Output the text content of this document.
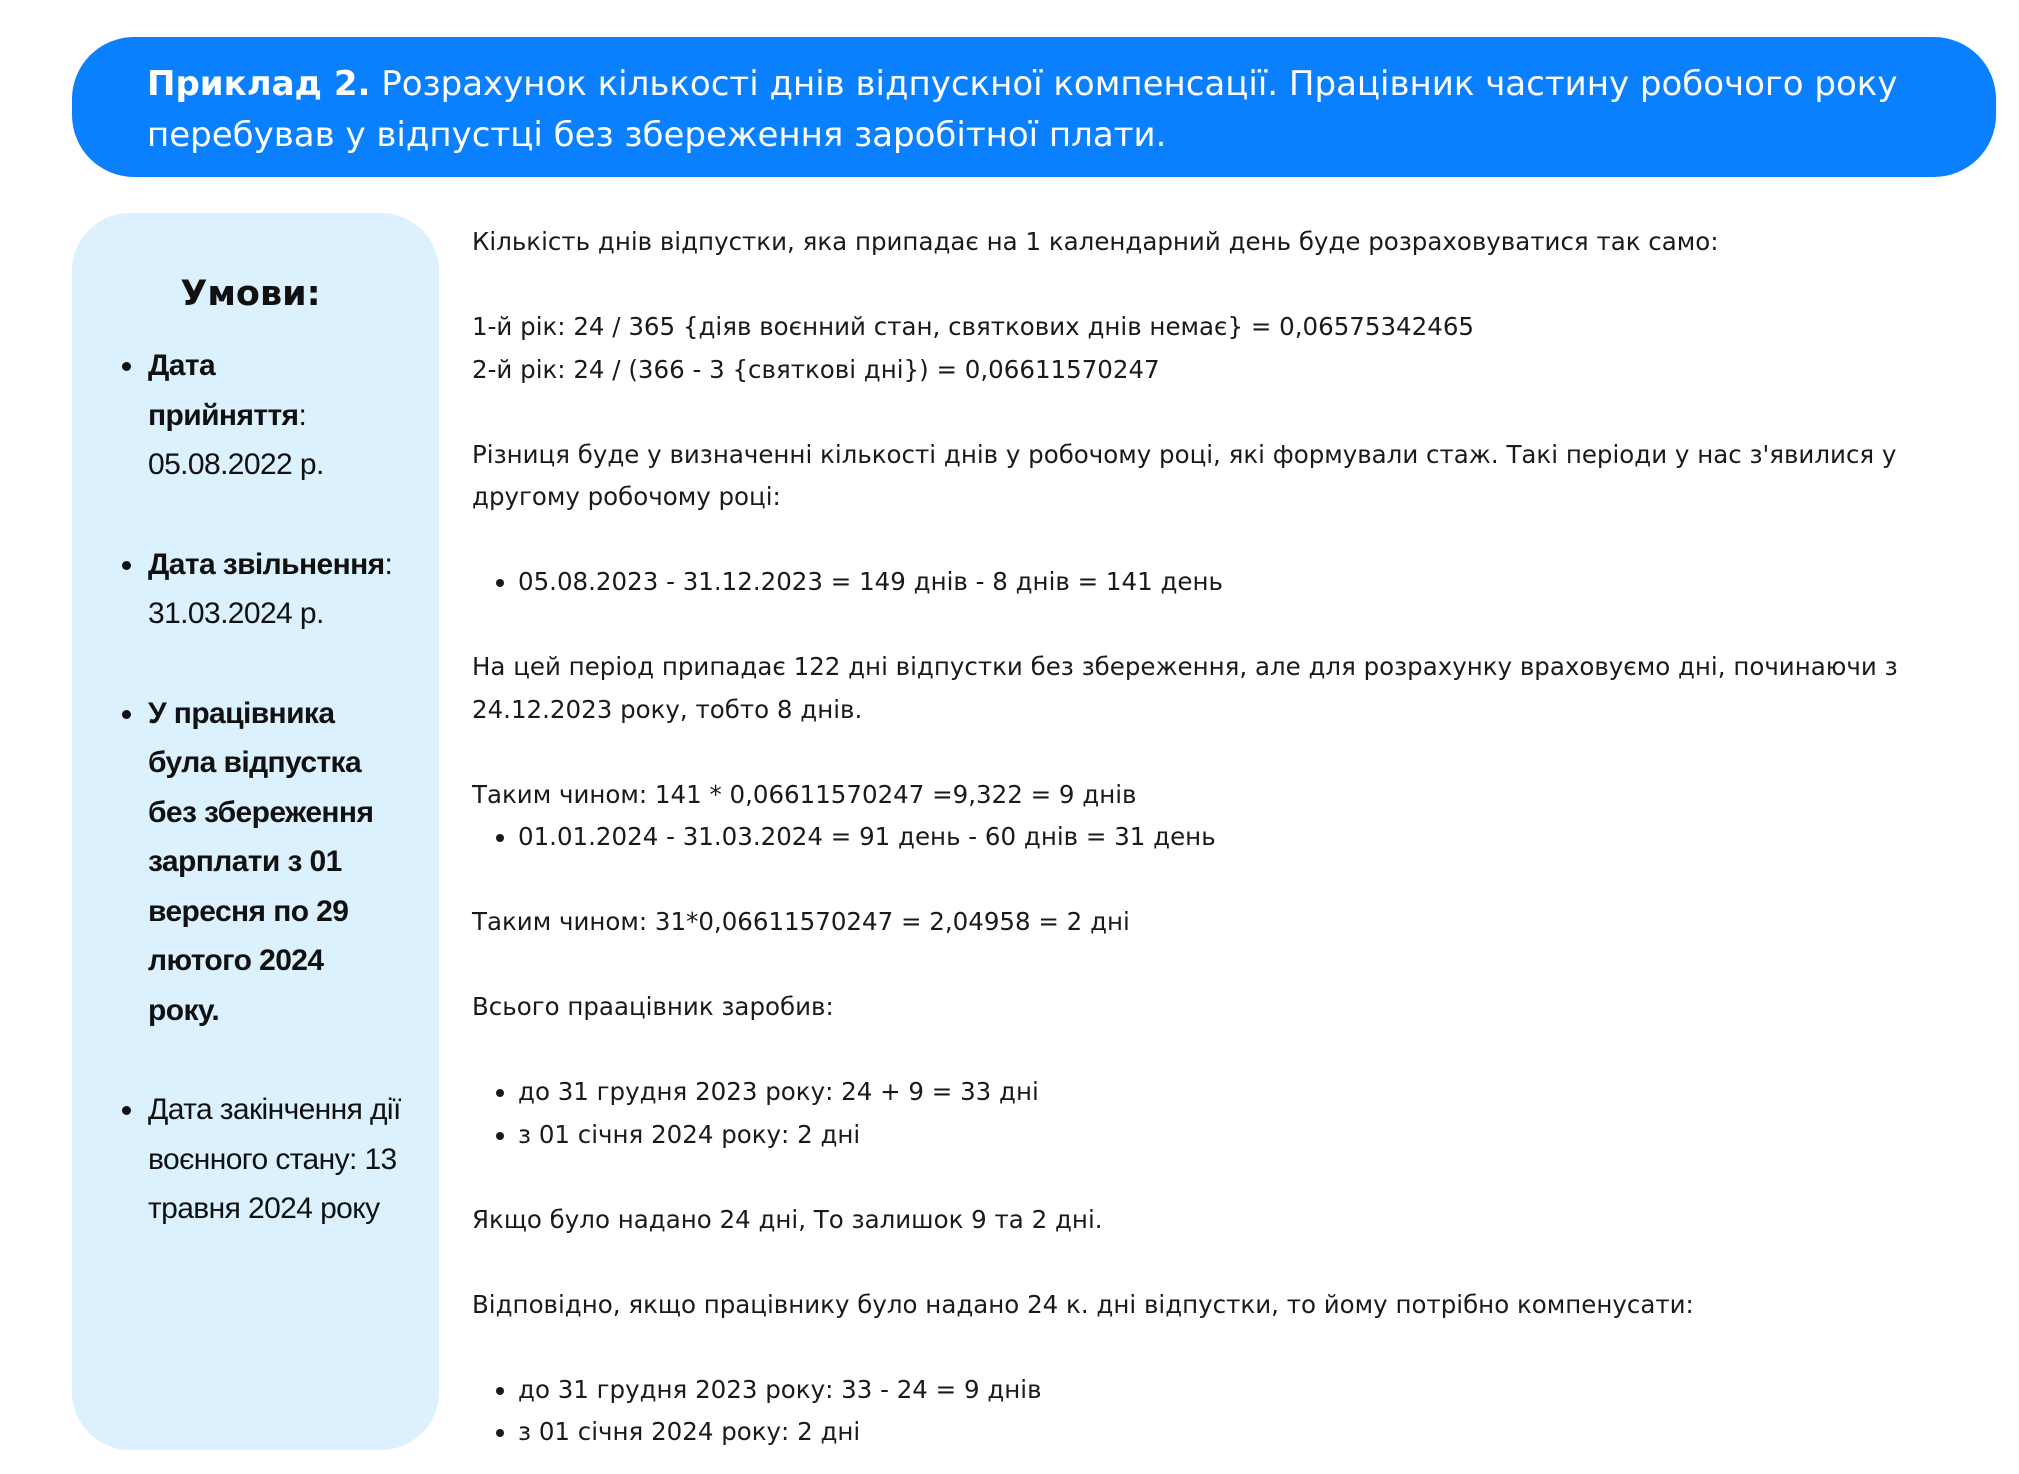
Приклад 2. Розрахунок кількості днів відпускної компенсації. Працівник частину робочого року перебував у відпустці без збереження заробітної плати.
Умови:
Дата прийняття: 05.08.2022 р.
Дата звільнення: 31.03.2024 р.
У працівника була відпустка без збереження зарплати з 01 вересня по 29 лютого 2024 року.
Дата закінчення дії воєнного стану: 13 травня 2024 року

Кількість днів відпустки, яка припадає на 1 календарний день буде розраховуватися так само:

1-й рік: 24 / 365 {діяв воєнний стан, святкових днів немає} = 0,06575342465

2-й рік: 24 / (366 - 3 {святкові дні}) = 0,06611570247

Різниця буде у визначенні кількості днів у робочому році, які формували стаж. Такі періоди у нас з'явилися у другому робочому році:

05.08.2023 - 31.12.2023 = 149 днів - 8 днів = 141 день

На цей період припадає 122 дні відпустки без збереження, але для розрахунку враховуємо дні, починаючи з 24.12.2023 року, тобто 8 днів.

Таким чином: 141 * 0,06611570247 =9,322 = 9 днів

01.01.2024 - 31.03.2024 = 91 день - 60 днів = 31 день

Таким чином: 31*0,06611570247 = 2,04958 = 2 дні

Всього праацівник заробив:

до 31 грудня 2023 року: 24 + 9 = 33 дні
з 01 січня 2024 року: 2 дні

Якщо було надано 24 дні, То залишок 9 та 2 дні.

Відповідно, якщо працівнику було надано 24 к. дні відпустки, то йому потрібно компенусати:

до 31 грудня 2023 року: 33 - 24 = 9 днів
з 01 січня 2024 року: 2 дні
